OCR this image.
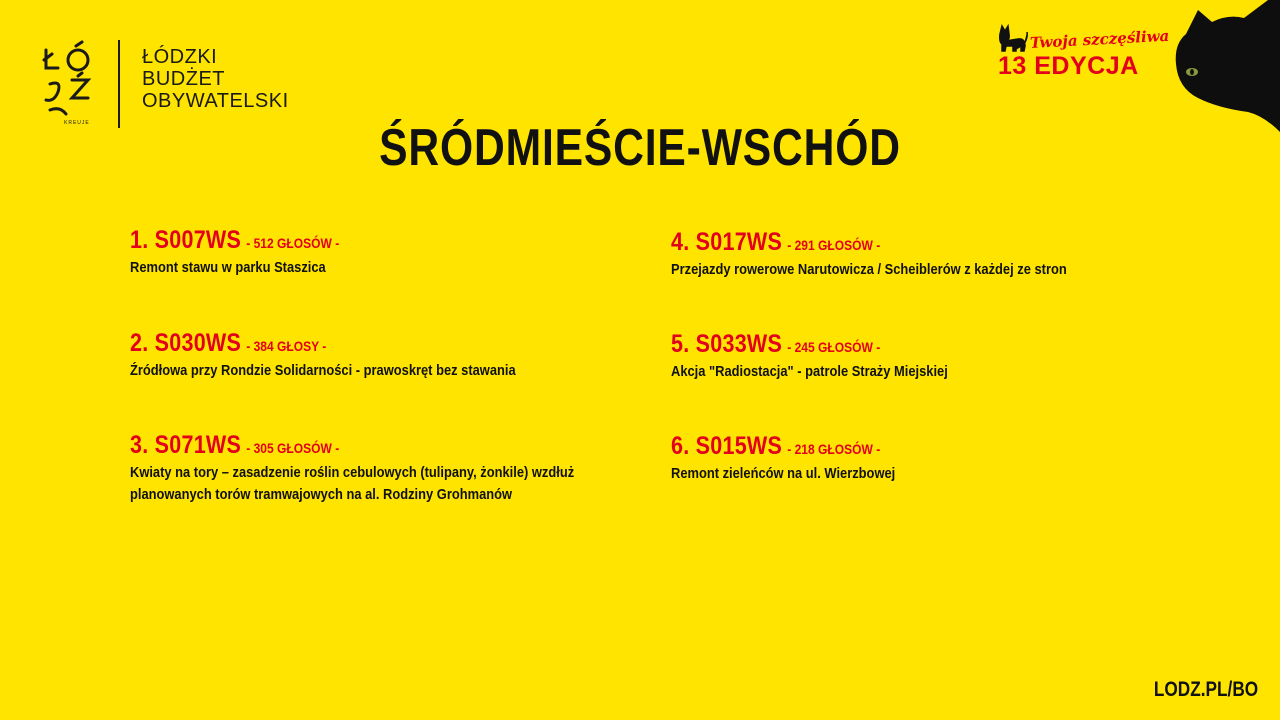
KREUJE
ŁÓDZKI
BUDŻET
OBYWATELSKI
Twoja szczęśliwa
13 EDYCJA
ŚRÓDMIEŚCIE-WSCHÓD
1. S007WS - 512 GŁOSÓW -
Remont stawu w parku Staszica
2. S030WS - 384 GŁOSY -
Źródłowa przy Rondzie Solidarności - prawoskręt bez stawania
3. S071WS - 305 GŁOSÓW -
Kwiaty na tory – zasadzenie roślin cebulowych (tulipany, żonkile) wzdłuż planowanych torów tramwajowych na al. Rodziny Grohmanów
4. S017WS - 291 GŁOSÓW -
Przejazdy rowerowe Narutowicza / Scheiblerów z każdej ze stron
5. S033WS - 245 GŁOSÓW -
Akcja "Radiostacja" - patrole Straży Miejskiej
6. S015WS - 218 GŁOSÓW -
Remont zieleńców na ul. Wierzbowej
LODZ.PL/BO
